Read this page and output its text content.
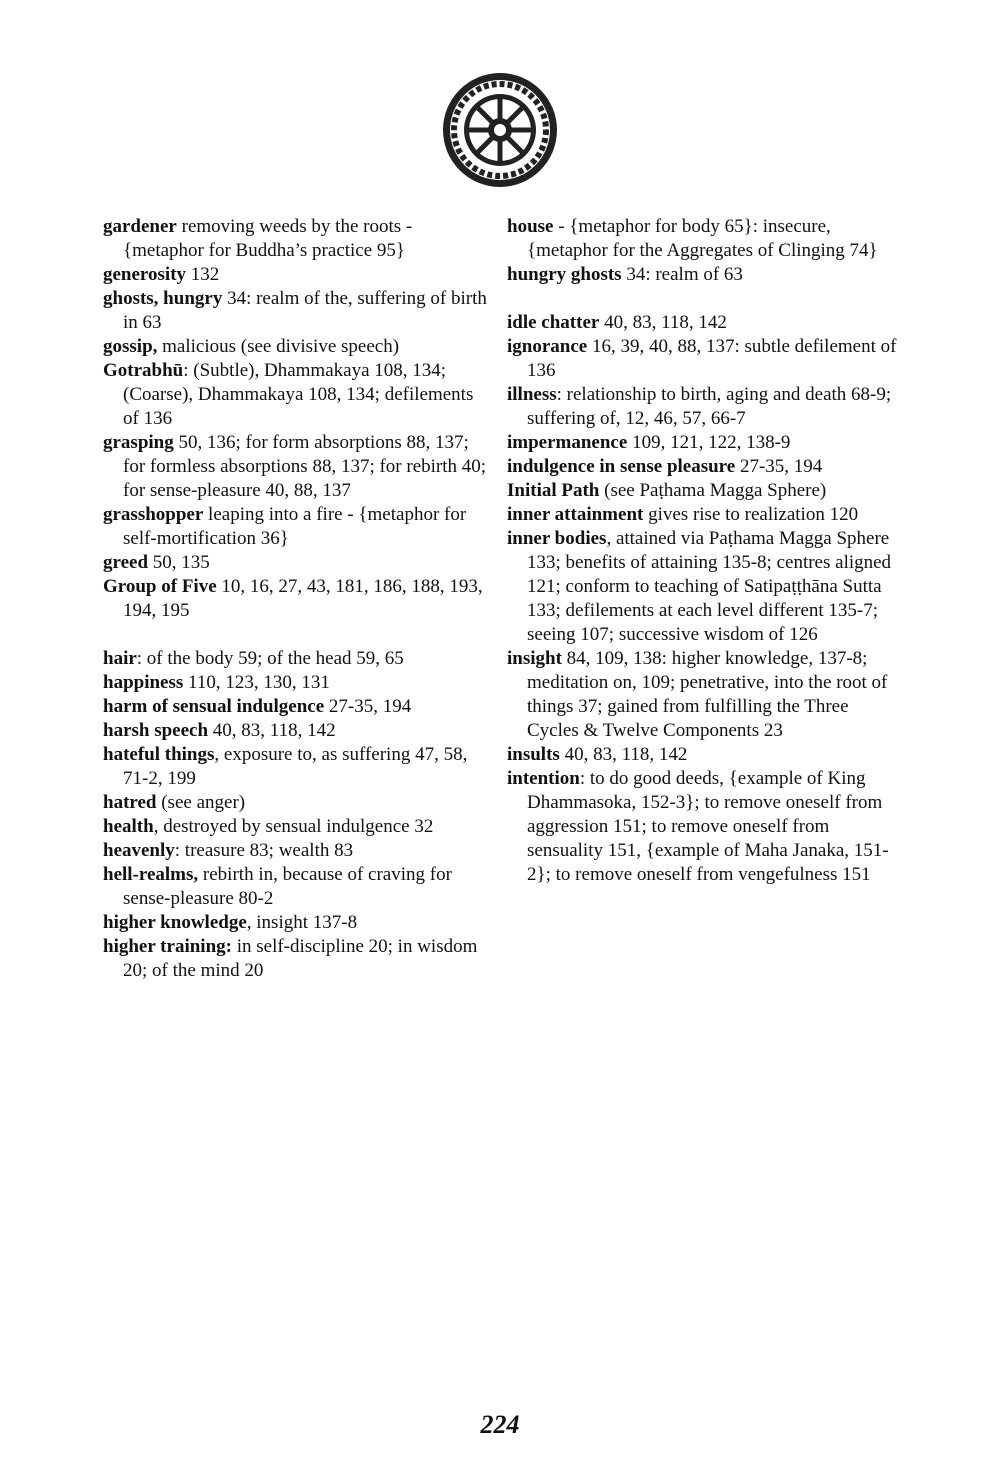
gardener removing weeds by the roots - {metaphor for Buddha’s practice 95}
generosity 132
ghosts, hungry 34: realm of the, suffering of birth in 63
gossip, malicious (see divisive speech)
Gotrabhū: (Subtle), Dhammakaya 108, 134; (Coarse), Dhammakaya 108, 134; defilements of 136
grasping 50, 136; for form absorptions 88, 137; for formless absorptions 88, 137; for rebirth 40; for sense-pleasure 40, 88, 137
grasshopper leaping into a fire - {metaphor for self-mortification 36}
greed 50, 135
Group of Five 10, 16, 27, 43, 181, 186, 188, 193, 194, 195
hair: of the body 59; of the head 59, 65
happiness 110, 123, 130, 131
harm of sensual indulgence 27-35, 194
harsh speech 40, 83, 118, 142
hateful things, exposure to, as suffering 47, 58, 71-2, 199
hatred (see anger)
health, destroyed by sensual indulgence 32
heavenly: treasure 83; wealth 83
hell-realms, rebirth in, because of craving for sense-pleasure 80-2
higher knowledge, insight 137-8
higher training: in self-discipline 20; in wisdom 20; of the mind 20
house - {metaphor for body 65}: insecure, {metaphor for the Aggregates of Clinging 74}
hungry ghosts 34: realm of 63
idle chatter 40, 83, 118, 142
ignorance 16, 39, 40, 88, 137: subtle defilement of 136
illness: relationship to birth, aging and death 68-9; suffering of, 12, 46, 57, 66-7
impermanence 109, 121, 122, 138-9
indulgence in sense pleasure 27-35, 194
Initial Path (see Paṭhama Magga Sphere)
inner attainment gives rise to realization 120
inner bodies, attained via Paṭhama Magga Sphere 133; benefits of attaining 135-8; centres aligned 121; conform to teaching of Satipaṭṭhāna Sutta 133; defilements at each level different 135-7; seeing 107; successive wisdom of 126
insight 84, 109, 138: higher knowledge, 137-8; meditation on, 109; penetrative, into the root of things 37; gained from fulfilling the Three Cycles & Twelve Components 23
insults 40, 83, 118, 142
intention: to do good deeds, {example of King Dhammasoka, 152-3}; to remove oneself from aggression 151; to remove oneself from sensuality 151, {example of Maha Janaka, 151-2}; to remove oneself from vengefulness 151
224
